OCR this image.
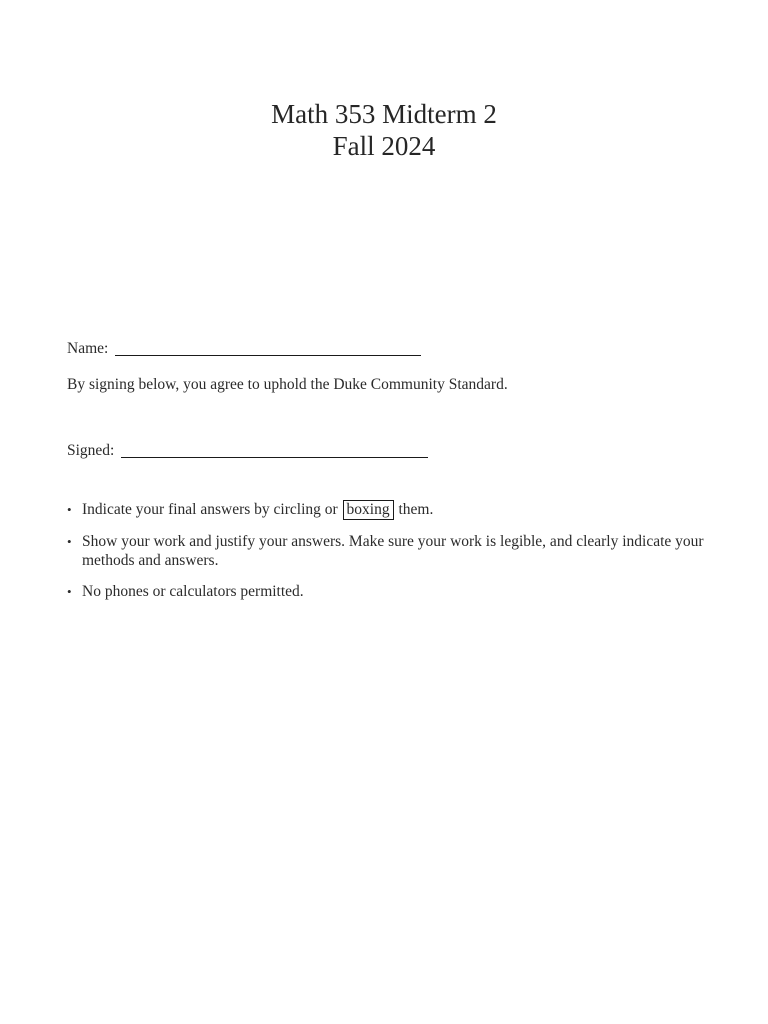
Math 353 Midterm 2
Fall 2024
Name:
By signing below, you agree to uphold the Duke Community Standard.
Signed:
• Indicate your final answers by circling or boxing them.
• Show your work and justify your answers. Make sure your work is legible, and clearly indicate your methods and answers.
• No phones or calculators permitted.
